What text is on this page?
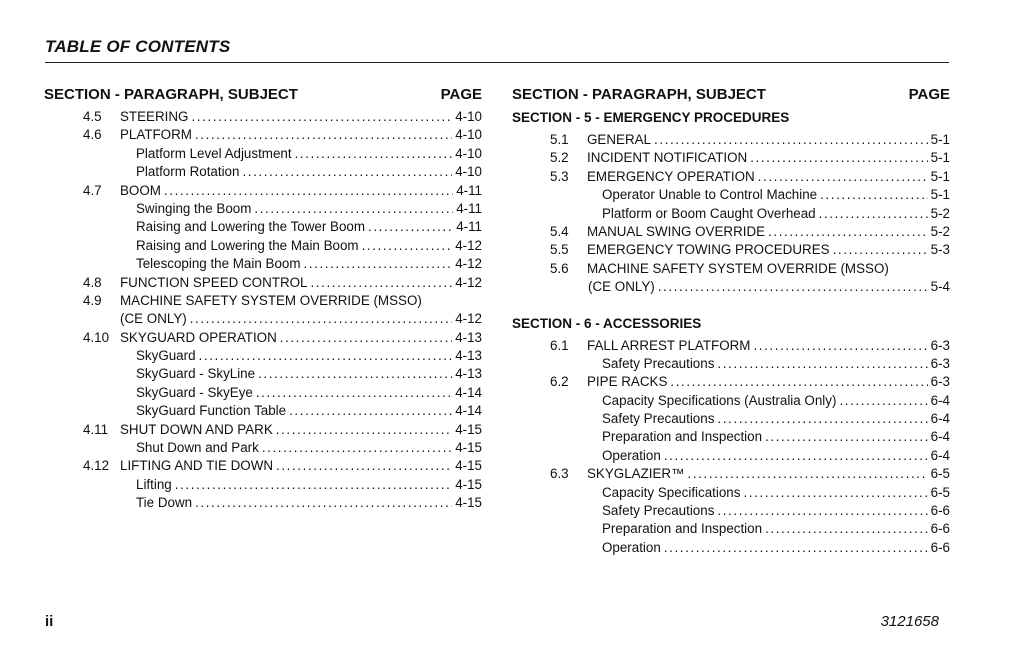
TABLE OF CONTENTS
SECTION - PARAGRAPH, SUBJECT	PAGE
4.5	STEERING .....	4-10
4.6	PLATFORM .....	4-10
Platform Level Adjustment .....	4-10
Platform Rotation .....	4-10
4.7	BOOM .....	4-11
Swinging the Boom .....	4-11
Raising and Lowering the Tower Boom .....	4-11
Raising and Lowering the Main Boom .....	4-12
Telescoping the Main Boom .....	4-12
4.8	FUNCTION SPEED CONTROL .....	4-12
4.9	MACHINE SAFETY SYSTEM OVERRIDE (MSSO)
(CE ONLY) .....	4-12
4.10 SKYGUARD OPERATION .....	4-13
SkyGuard .....	4-13
SkyGuard - SkyLine .....	4-13
SkyGuard - SkyEye .....	4-14
SkyGuard Function Table .....	4-14
4.11 SHUT DOWN AND PARK .....	4-15
Shut Down and Park .....	4-15
4.12 LIFTING AND TIE DOWN .....	4-15
Lifting .....	4-15
Tie Down .....	4-15
SECTION - PARAGRAPH, SUBJECT	PAGE
SECTION - 5 - EMERGENCY PROCEDURES
5.1	GENERAL .....	5-1
5.2	INCIDENT NOTIFICATION .....	5-1
5.3	EMERGENCY OPERATION .....	5-1
Operator Unable to Control Machine .....	5-1
Platform or Boom Caught Overhead .....	5-2
5.4	MANUAL SWING OVERRIDE .....	5-2
5.5	EMERGENCY TOWING PROCEDURES .....	5-3
5.6	MACHINE SAFETY SYSTEM OVERRIDE (MSSO)
(CE ONLY) .....	5-4
SECTION - 6 - ACCESSORIES
6.1	FALL ARREST PLATFORM .....	6-3
Safety Precautions .....	6-3
6.2	PIPE RACKS .....	6-3
Capacity Specifications (Australia Only) .....	6-4
Safety Precautions .....	6-4
Preparation and Inspection .....	6-4
Operation .....	6-4
6.3	SKYGLAZIER™ .....	6-5
Capacity Specifications .....	6-5
Safety Precautions .....	6-6
Preparation and Inspection .....	6-6
Operation .....	6-6
ii	3121658
